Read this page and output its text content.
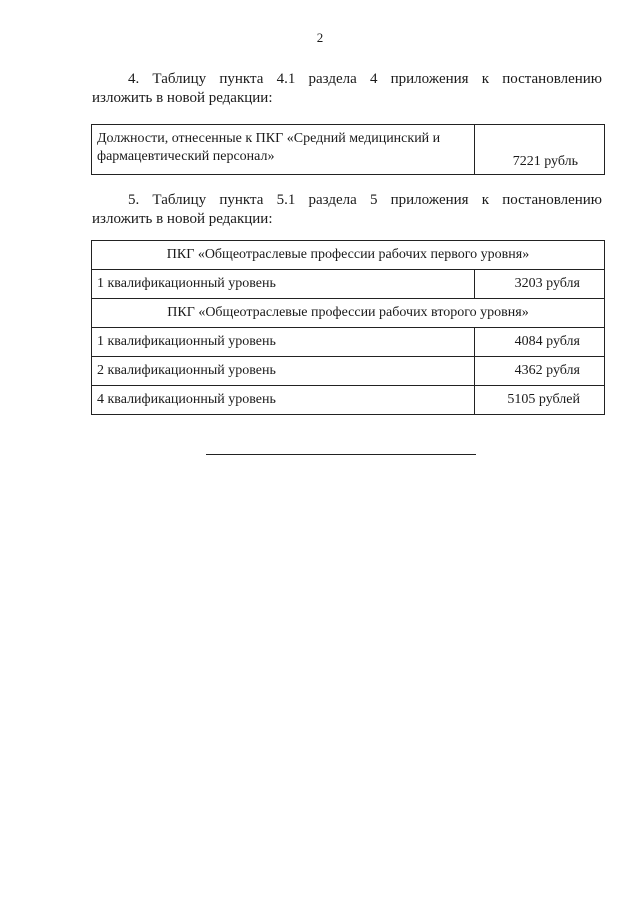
2
4. Таблицу пункта 4.1 раздела 4 приложения к постановлению
изложить в новой редакции:
Должности, отнесенные к ПКГ «Средний медицинский и
фармацевтический персонал»	7221 рубль
5. Таблицу пункта 5.1 раздела 5 приложения к постановлению
изложить в новой редакции:
ПКГ «Общеотраслевые профессии рабочих первого уровня»	
1 квалификационный уровень	3203 рубля
ПКГ «Общеотраслевые профессии рабочих второго уровня»	
1 квалификационный уровень	4084 рубля
2 квалификационный уровень	4362 рубля
4 квалификационный уровень	5105 рублей
